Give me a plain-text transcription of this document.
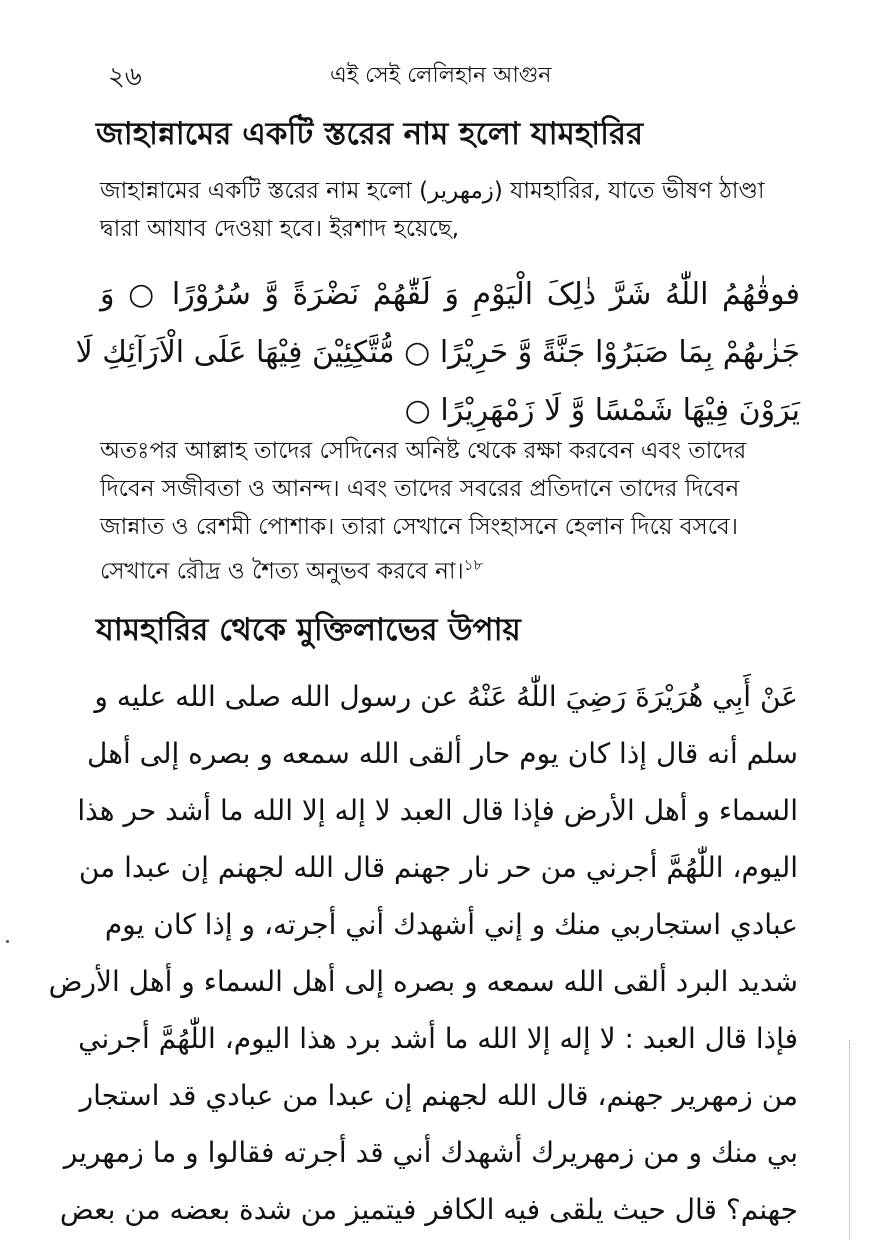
২৬	এই সেই লেলিহান আগুন
জাহান্নামের একটি স্তরের নাম হলো যামহারির
জাহান্নামের একটি স্তরের নাম হলো (زمهرير) যামহারির, যাতে ভীষণ ঠাণ্ডা
দ্বারা আযাব দেওয়া হবে। ইরশাদ হয়েছে,
فوقٰهُمُ اللّٰهُ شَرَّ ذٰلِکَ الْیَوْمِ وَ لَقّٰهُمْ نَضْرَةً وَّ سُرُوْرًا ○ وَ
جَزٰىهُمْ بِمَا صَبَرُوْا جَنَّةً وَّ حَرِيْرًا ○ مُّتَّكِئِيْنَ فِيْهَا عَلَى الْاَرَآئِكِ لَا
يَرَوْنَ فِيْهَا شَمْسًا وَّ لَا زَمْهَرِيْرًا ○
অতঃপর আল্লাহ তাদের সেদিনের অনিষ্ট থেকে রক্ষা করবেন এবং তাদের
দিবেন সজীবতা ও আনন্দ। এবং তাদের সবরের প্রতিদানে তাদের দিবেন
জান্নাত ও রেশমী পোশাক। তারা সেখানে সিংহাসনে হেলান দিয়ে বসবে।
সেখানে রৌদ্র ও শৈত্য অনুভব করবে না।$^{১৮}$
যামহারির থেকে মুক্তিলাভের উপায়
عَنْ أَبِي هُرَيْرَةَ رَضِيَ اللّٰهُ عَنْهُ عن رسول الله صلى الله عليه و
سلم أنه قال إذا كان يوم حار ألقى الله سمعه و بصره إلى أهل
السماء و أهل الأرض فإذا قال العبد لا إله إلا الله ما أشد حر هذا
اليوم، اللّٰهُمَّ أجرني من حر نار جهنم قال الله لجهنم إن عبدا من
عبادي استجاربي منك و إني أشهدك أني أجرته، و إذا كان يوم
شديد البرد ألقى الله سمعه و بصره إلى أهل السماء و أهل الأرض
فإذا قال العبد : لا إله إلا الله ما أشد برد هذا اليوم، اللّٰهُمَّ أجرني
من زمهرير جهنم، قال الله لجهنم إن عبدا من عبادي قد استجار
بي منك و من زمهريرك أشهدك أني قد أجرته فقالوا و ما زمهرير
جهنم؟ قال حيث يلقى فيه الكافر فيتميز من شدة بعضه من بعض
